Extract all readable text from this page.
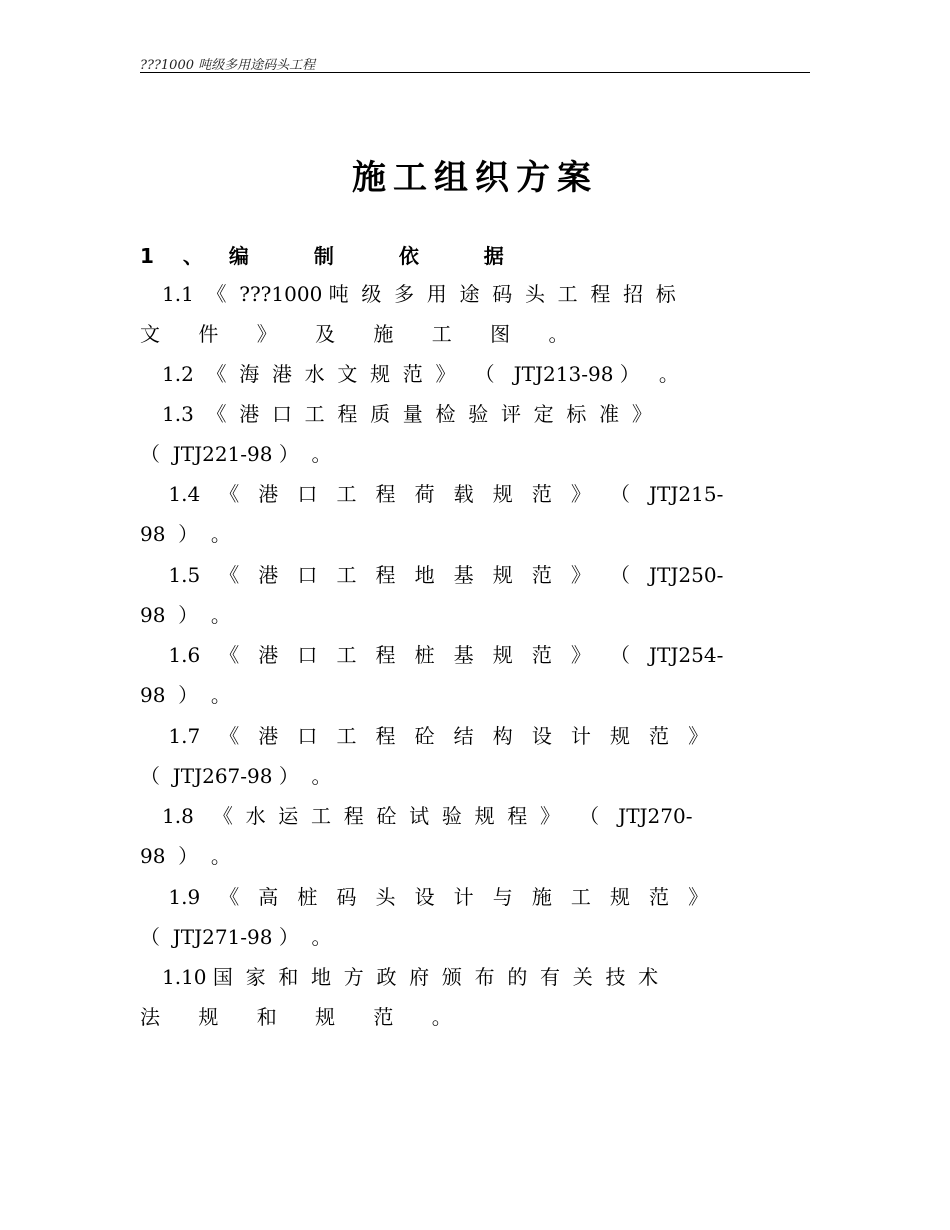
???1000 吨级多用途码头工程
施工组织方案
1 、 编 制 依 据
1.1  《  ???1000 吨  级  多  用  途  码  头  工  程  招  标
文 件 》 及 施 工 图 。
1.2  《  海  港  水  文  规  范  》   （   JTJ213-98 ）   。
1.3  《  港  口  工  程  质  量  检  验  评  定  标  准  》
（  JTJ221-98 ）  。
1.4   《   港   口   工   程   荷   载   规   范   》   （   JTJ215-
98  ）  。
1.5   《   港   口   工   程   地   基   规   范   》   （   JTJ250-
98  ）  。
1.6   《   港   口   工   程   桩   基   规   范   》   （   JTJ254-
98  ）  。
1.7   《   港   口   工   程   砼   结   构   设   计   规   范   》
（  JTJ267-98 ）  。
1.8   《  水  运  工  程  砼  试  验  规  程  》   （   JTJ270-
98  ）  。
1.9   《   高   桩   码   头   设   计   与   施   工   规   范   》
（  JTJ271-98 ）  。
1.10 国  家  和  地  方  政  府  颁  布  的  有  关  技  术
法 规 和 规 范 。
